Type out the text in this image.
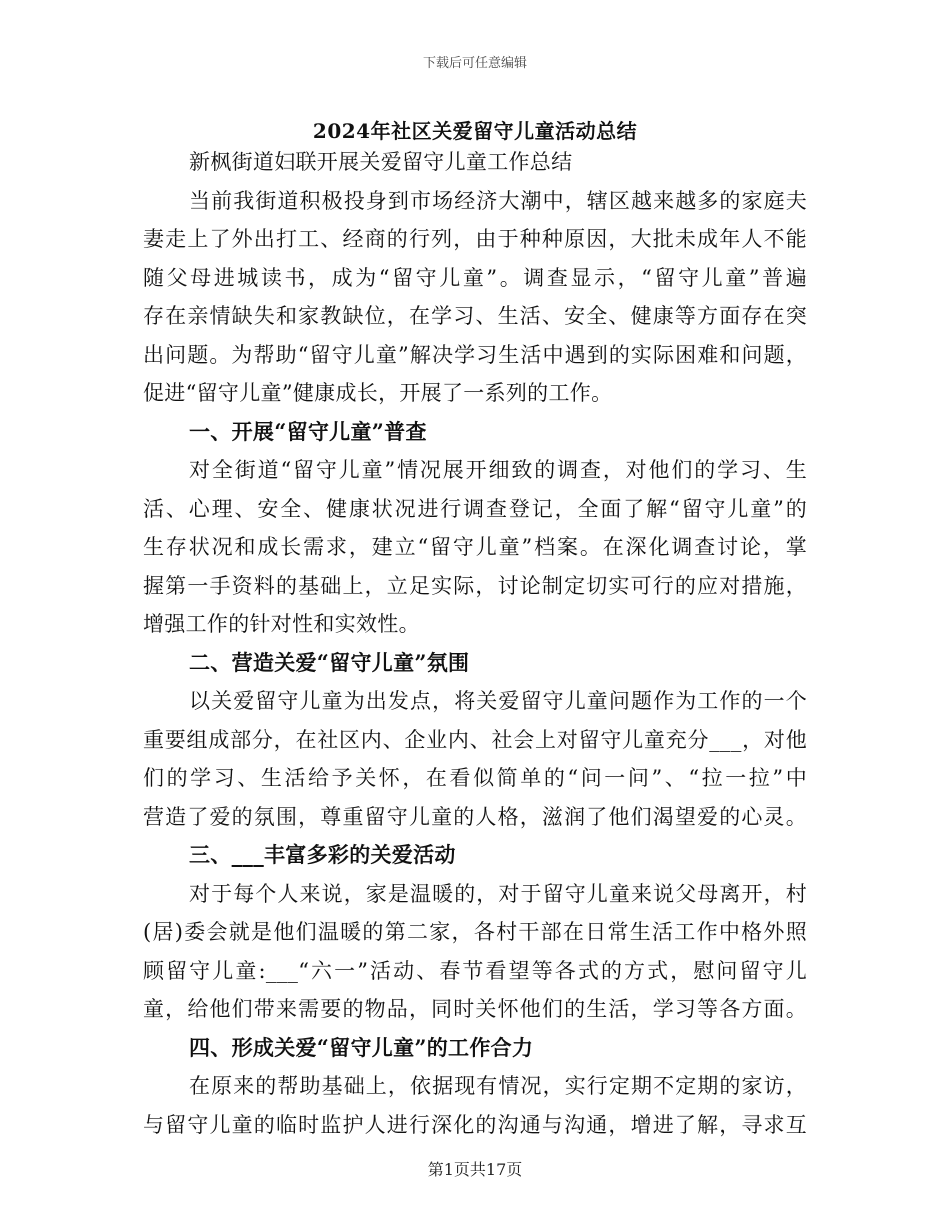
下载后可任意编辑
2024年社区关爱留守儿童活动总结
新枫街道妇联开展关爱留守儿童工作总结
当前我街道积极投身到市场经济大潮中，辖区越来越多的家庭夫
妻走上了外出打工、经商的行列，由于种种原因，大批未成年人不能
随父母进城读书，成为“留守儿童”。调查显示，“留守儿童”普遍
存在亲情缺失和家教缺位，在学习、生活、安全、健康等方面存在突
出问题。为帮助“留守儿童”解决学习生活中遇到的实际困难和问题，
促进“留守儿童”健康成长，开展了一系列的工作。
一、开展“留守儿童”普查
对全街道“留守儿童”情况展开细致的调查，对他们的学习、生
活、心理、安全、健康状况进行调查登记，全面了解“留守儿童”的
生存状况和成长需求，建立“留守儿童”档案。在深化调查讨论，掌
握第一手资料的基础上，立足实际，讨论制定切实可行的应对措施，
增强工作的针对性和实效性。
二、营造关爱“留守儿童”氛围
以关爱留守儿童为出发点，将关爱留守儿童问题作为工作的一个
重要组成部分，在社区内、企业内、社会上对留守儿童充分___，对他
们的学习、生活给予关怀，在看似简单的“问一问”、“拉一拉”中
营造了爱的氛围，尊重留守儿童的人格，滋润了他们渴望爱的心灵。
三、___丰富多彩的关爱活动
对于每个人来说，家是温暖的，对于留守儿童来说父母离开，村
(居)委会就是他们温暖的第二家，各村干部在日常生活工作中格外照
顾留守儿童:___“六一”活动、春节看望等各式的方式，慰问留守儿
童，给他们带来需要的物品，同时关怀他们的生活，学习等各方面。
四、形成关爱“留守儿童”的工作合力
在原来的帮助基础上，依据现有情况，实行定期不定期的家访，
与留守儿童的临时监护人进行深化的沟通与沟通，增进了解，寻求互
第1页共17页
